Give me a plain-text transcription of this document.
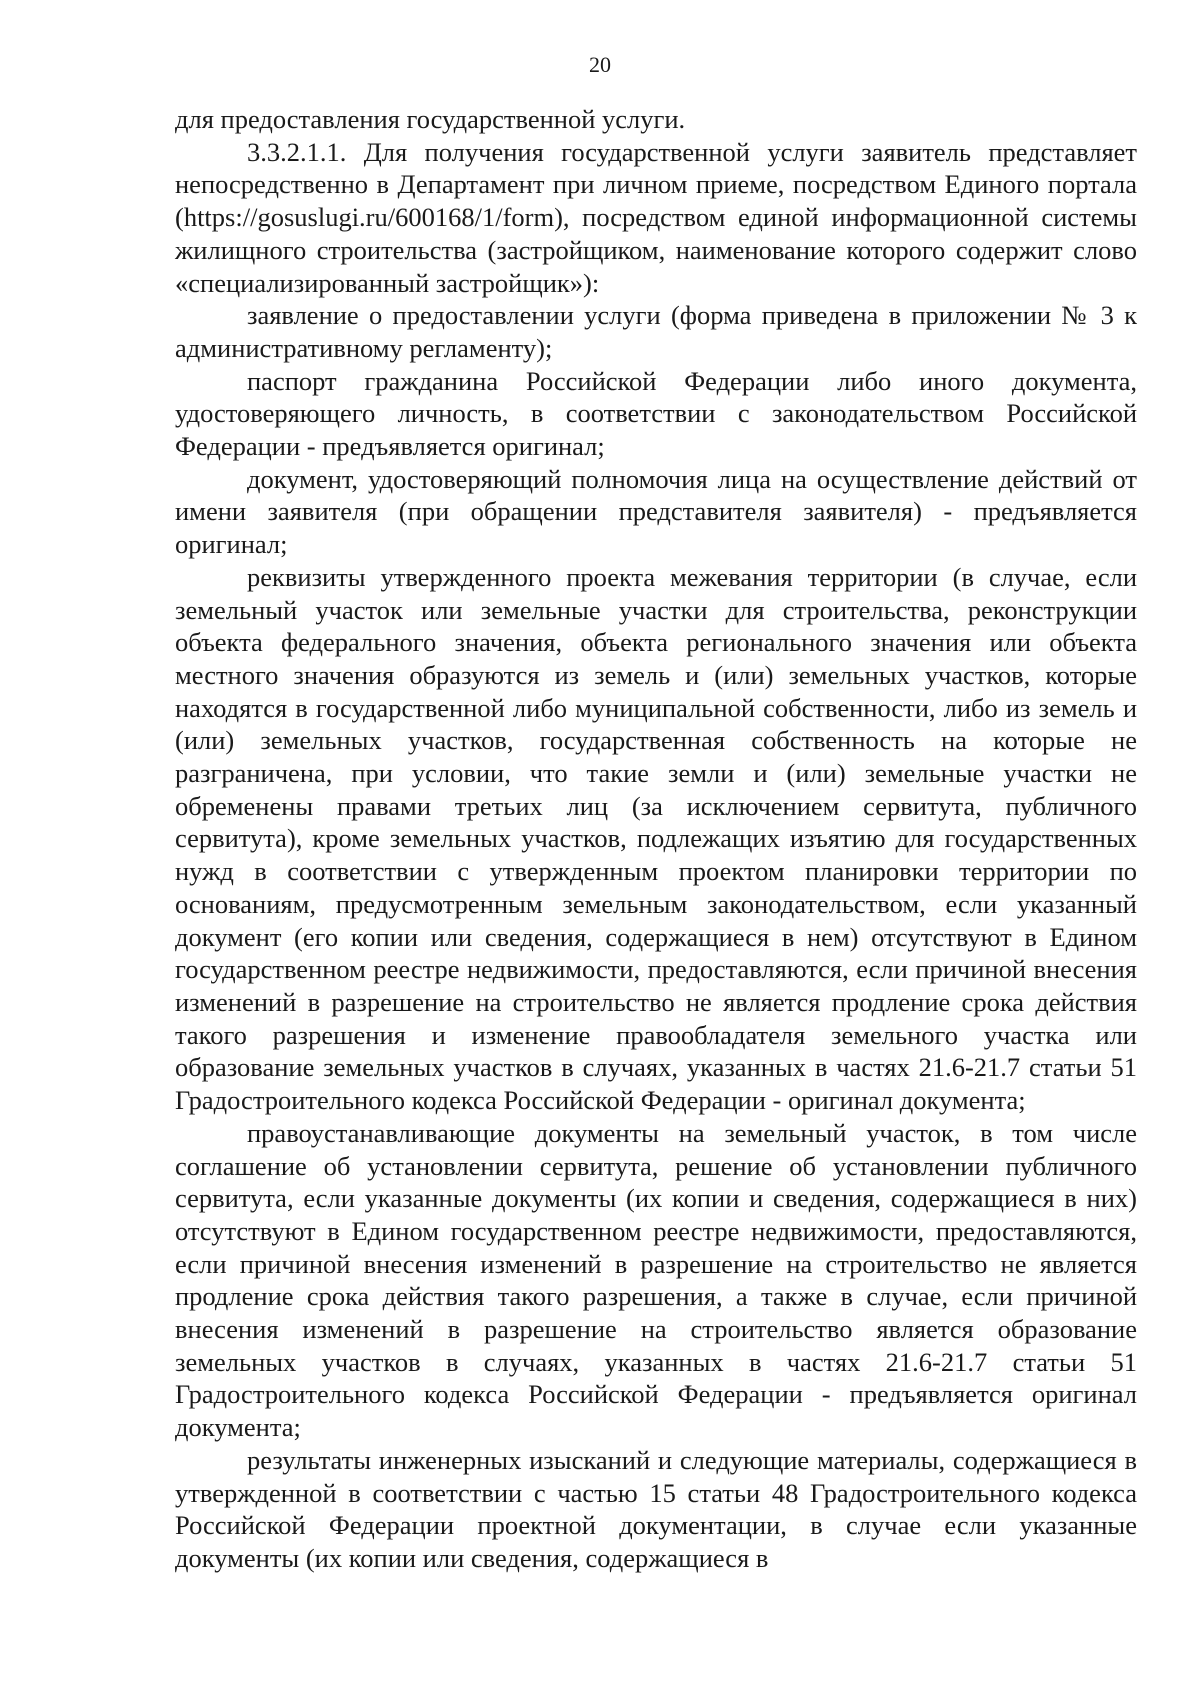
20

для предоставления государственной услуги.

3.3.2.1.1. Для получения государственной услуги заявитель представляет непосредственно в Департамент при личном приеме, посредством Единого портала (https://gosuslugi.ru/600168/1/form), посредством единой информационной системы жилищного строительства (застройщиком, наименование которого содержит слово «специализированный застройщик»):

заявление о предоставлении услуги (форма приведена в приложении № 3 к административному регламенту);

паспорт гражданина Российской Федерации либо иного документа, удостоверяющего личность, в соответствии с законодательством Российской Федерации - предъявляется оригинал;

документ, удостоверяющий полномочия лица на осуществление действий от имени заявителя (при обращении представителя заявителя) - предъявляется оригинал;

реквизиты утвержденного проекта межевания территории (в случае, если земельный участок или земельные участки для строительства, реконструкции объекта федерального значения, объекта регионального значения или объекта местного значения образуются из земель и (или) земельных участков, которые находятся в государственной либо муниципальной собственности, либо из земель и (или) земельных участков, государственная собственность на которые не разграничена, при условии, что такие земли и (или) земельные участки не обременены правами третьих лиц (за исключением сервитута, публичного сервитута), кроме земельных участков, подлежащих изъятию для государственных нужд в соответствии с утвержденным проектом планировки территории по основаниям, предусмотренным земельным законодательством, если указанный документ (его копии или сведения, содержащиеся в нем) отсутствуют в Едином государственном реестре недвижимости, предоставляются, если причиной внесения изменений в разрешение на строительство не является продление срока действия такого разрешения и изменение правообладателя земельного участка или образование земельных участков в случаях, указанных в частях 21.6-21.7 статьи 51 Градостроительного кодекса Российской Федерации - оригинал документа;

правоустанавливающие документы на земельный участок, в том числе соглашение об установлении сервитута, решение об установлении публичного сервитута, если указанные документы (их копии и сведения, содержащиеся в них) отсутствуют в Едином государственном реестре недвижимости, предоставляются, если причиной внесения изменений в разрешение на строительство не является продление срока действия такого разрешения, а также в случае, если причиной внесения изменений в разрешение на строительство является образование земельных участков в случаях, указанных в частях 21.6-21.7 статьи 51 Градостроительного кодекса Российской Федерации - предъявляется оригинал документа;

результаты инженерных изысканий и следующие материалы, содержащиеся в утвержденной в соответствии с частью 15 статьи 48 Градостроительного кодекса Российской Федерации проектной документации, в случае если указанные документы (их копии или сведения, содержащиеся в
